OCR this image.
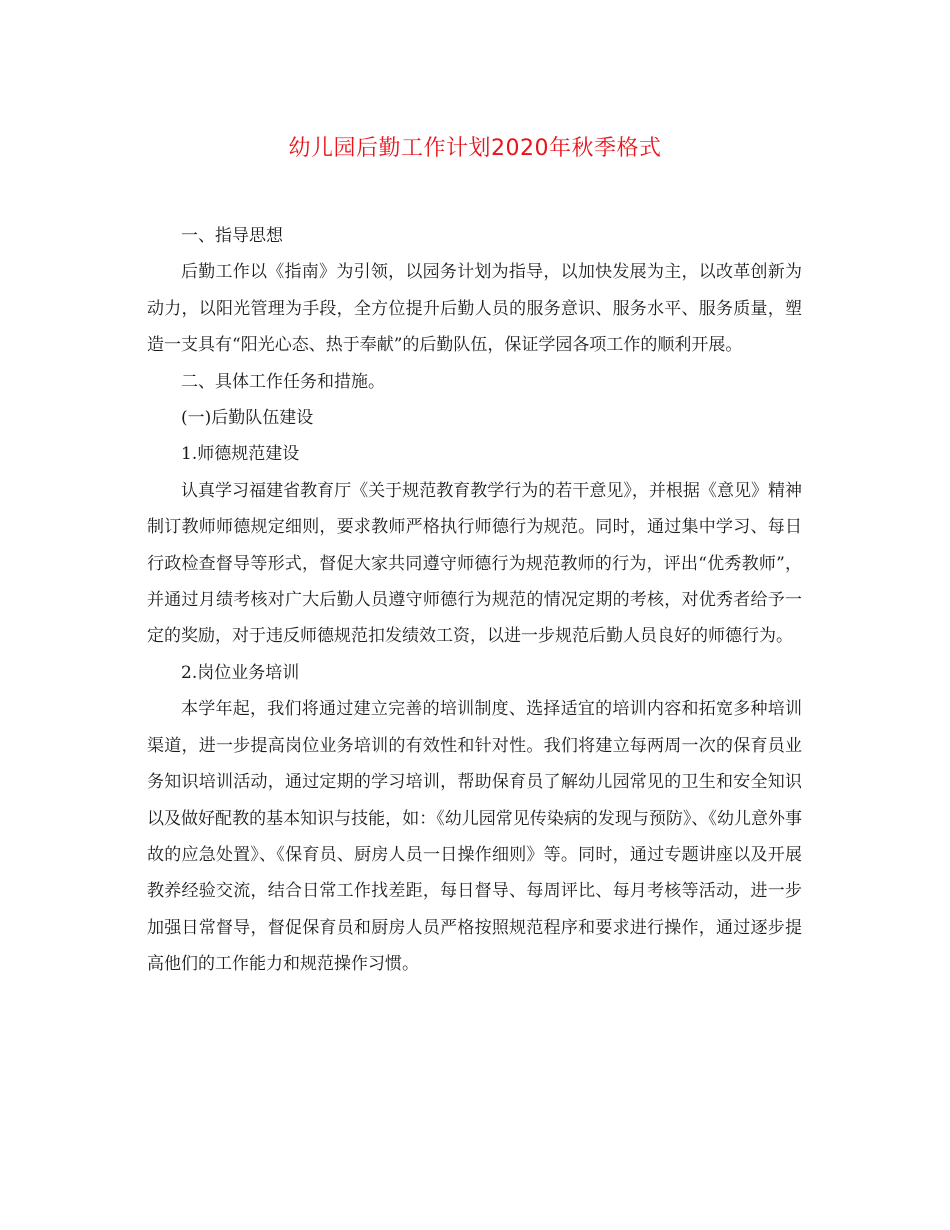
幼儿园后勤工作计划2020年秋季格式

一、指导思想

后勤工作以《指南》为引领，以园务计划为指导，以加快发展为主，以改革创新为动力，以阳光管理为手段，全方位提升后勤人员的服务意识、服务水平、服务质量，塑造一支具有“阳光心态、热于奉献”的后勤队伍，保证学园各项工作的顺利开展。

二、具体工作任务和措施。

(一)后勤队伍建设

1.师德规范建设

认真学习福建省教育厅《关于规范教育教学行为的若干意见》，并根据《意见》精神制订教师师德规定细则，要求教师严格执行师德行为规范。同时，通过集中学习、每日行政检查督导等形式，督促大家共同遵守师德行为规范教师的行为，评出“优秀教师”，并通过月绩考核对广大后勤人员遵守师德行为规范的情况定期的考核，对优秀者给予一定的奖励，对于违反师德规范扣发绩效工资，以进一步规范后勤人员良好的师德行为。

2.岗位业务培训

本学年起，我们将通过建立完善的培训制度、选择适宜的培训内容和拓宽多种培训渠道，进一步提高岗位业务培训的有效性和针对性。我们将建立每两周一次的保育员业务知识培训活动，通过定期的学习培训，帮助保育员了解幼儿园常见的卫生和安全知识以及做好配教的基本知识与技能，如：《幼儿园常见传染病的发现与预防》、《幼儿意外事故的应急处置》、《保育员、厨房人员一日操作细则》等。同时，通过专题讲座以及开展教养经验交流，结合日常工作找差距，每日督导、每周评比、每月考核等活动，进一步加强日常督导，督促保育员和厨房人员严格按照规范程序和要求进行操作，通过逐步提高他们的工作能力和规范操作习惯。
